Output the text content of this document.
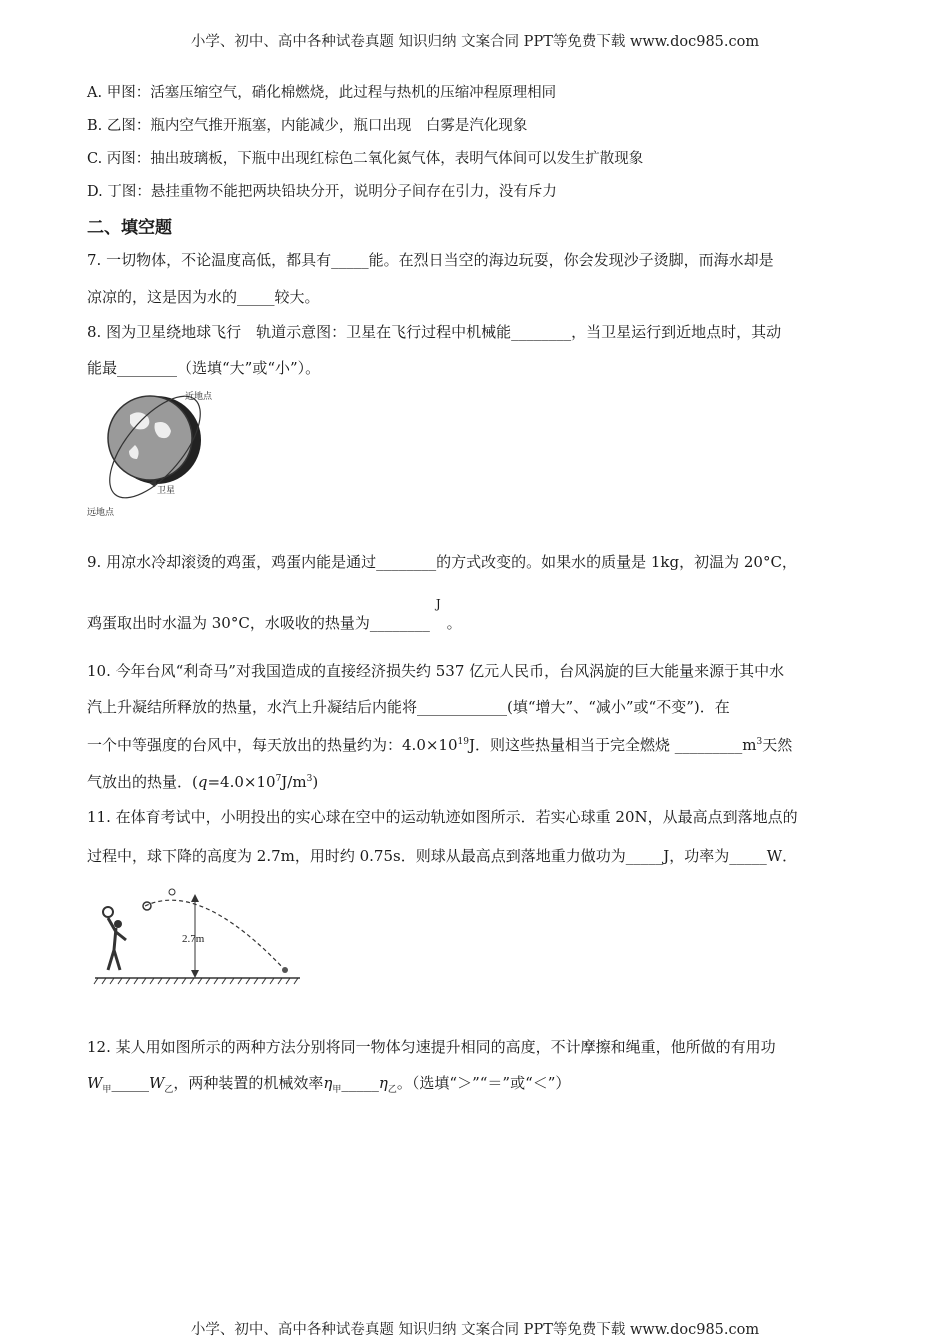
小学、初中、高中各种试卷真题 知识归纳 文案合同 PPT等免费下载 www.doc985.com
A. 甲图：活塞压缩空气，硝化棉燃烧，此过程与热机的压缩冲程原理相同
B. 乙图：瓶内空气推开瓶塞，内能减少，瓶口出现　白雾是汽化现象
C. 丙图：抽出玻璃板，下瓶中出现红棕色二氧化氮气体，表明气体间可以发生扩散现象
D. 丁图：悬挂重物不能把两块铅块分开，说明分子间存在引力，没有斥力
二、填空题
7. 一切物体，不论温度高低，都具有_____能。在烈日当空的海边玩耍，你会发现沙子烫脚，而海水却是
凉凉的，这是因为水的_____较大。
8. 图为卫星绕地球飞行　轨道示意图：卫星在飞行过程中机械能________，当卫星运行到近地点时，其动
能最________（选填“大”或“小”）。
近地点
卫星
远地点
9. 用凉水冷却滚烫的鸡蛋，鸡蛋内能是通过________的方式改变的。如果水的质量是 1kg，初温为 20°C，
鸡蛋取出时水温为 30°C，水吸收的热量为________$^J$。
10. 今年台风“利奇马”对我国造成的直接经济损失约 537 亿元人民币，台风涡旋的巨大能量来源于其中水
汽上升凝结所释放的热量，水汽上升凝结后内能将____________(填“增大”、“减小”或“不变”)．在
一个中等强度的台风中，每天放出的热量约为：$4.0\times 10^{19}J$．则这些热量相当于完全燃烧 $\_\_\_\_\_\_\_\_\_m^3$天然
气放出的热量．$(q=4.0\times 10^7J/m^3)$
11. 在体育考试中，小明投出的实心球在空中的运动轨迹如图所示．若实心球重 20N，从最高点到落地点的
过程中，球下降的高度为 2.7m，用时约 0.75s．则球从最高点到落地重力做功为_____J，功率为_____W．
2.7m
12. 某人用如图所示的两种方法分别将同一物体匀速提升相同的高度，不计摩擦和绳重，他所做的有用功
$W_甲\_\_\_\_\_W_乙$，两种装置的机械效率$\eta_甲\_\_\_\_\_\eta_乙$。（选填“＞”“＝”或“＜”）
小学、初中、高中各种试卷真题 知识归纳 文案合同 PPT等免费下载 www.doc985.com
